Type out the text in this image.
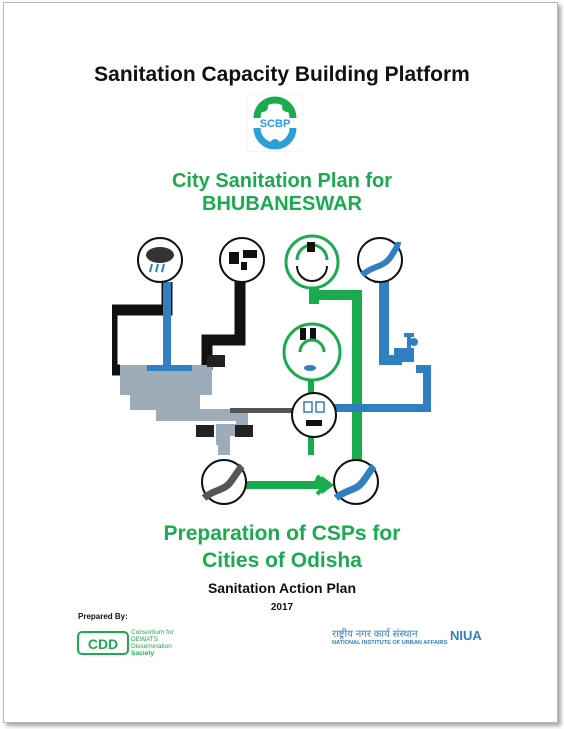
Sanitation Capacity Building Platform
SCBP
City Sanitation Plan for
BHUBANESWAR
Preparation of CSPs for
Cities of Odisha
Sanitation Action Plan
2017
Prepared By:
CDD
Consortium for
DEWATS
Dissemination
Society
राष्ट्रीय नगर कार्य संस्थान
NATIONAL INSTITUTE OF URBAN AFFAIRS NIUA
